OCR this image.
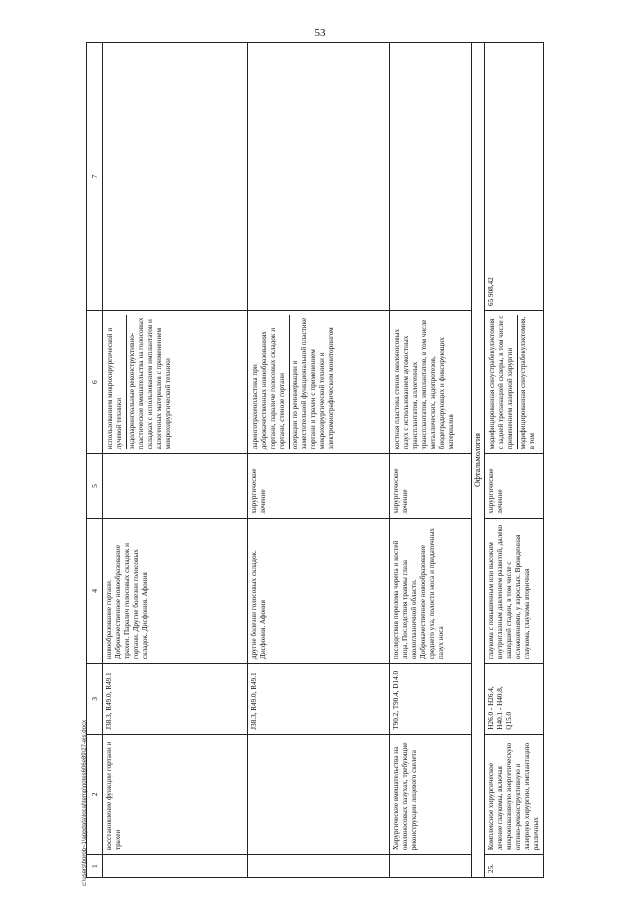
53
1	2	3	4	5	6	7
	восстановление функции гортани и трахеи	J38.3, R49.0, R49.1	новообразование гортани. Доброкачественное новообразование трахеи. Паралич голосовых складок и гортани. Другие болезни голосовых складок. Дисфония. Афония		использованием микрохирургической и лучевой техники эндоларингеальные реконструктивно-пластические вмешательства на голосовых складках с использованием имплантатов и аллогенных материалов с применением микрохирургической техники	

		J38.3, R49.0, R49.1	другие болезни голосовых складок. Дисфония. Афония	хирургическое лечение	ларинготрахеопластика при доброкачественных новообразованиях гортани, параличе голосовых складок и гортани, стенозе гортани операции по реиннервации и заместительной функциональной пластике гортани и трахеи с применением микрохирургической техники и электромиографическим мониторингом	

	Хирургические вмешательства на околоносовых пазухах, требующие реконструкции лицевого скелета	T90.2, T90.4, D14.0	последствия перелома черепа и костей лица. Последствия травмы глаза окологлазничной области. Доброкачественное новообразование среднего уха, полости носа и придаточных пазух носа	хирургическое лечение	костная пластика стенок околоносовых пазух с использованием аутокостных трансплантатов, аллогенных трансплантатов, имплантатов, в том числе металлических, эндопротезов, биодеградирующих и фиксирующих материалов	

Офтальмология						
25.	Комплексное хирургическое лечение глаукомы, включая микроинвазивную энергетическую оптико-реконструктивную и лазерную хирургию, имплантацию различных	H26.0 - H26.4, H40.1 - H40.8, Q15.0	глаукома с повышенным или высоким внутриглазным давлением развитой, далеко зашедшей стадии, в том числе с осложнениями, у взрослых. Врожденная глаукома, глаукома вторичная	хирургическое лечение	модифицированная синустрабекулэктомия с задней трепанацией склеры, в том числе с применением лазерной хирургии модифицированная синустрабекулэктомия, в том	65 908,42
c:\users\borob~1\appdata\local\temp\notes606e89\27-eis.docx
